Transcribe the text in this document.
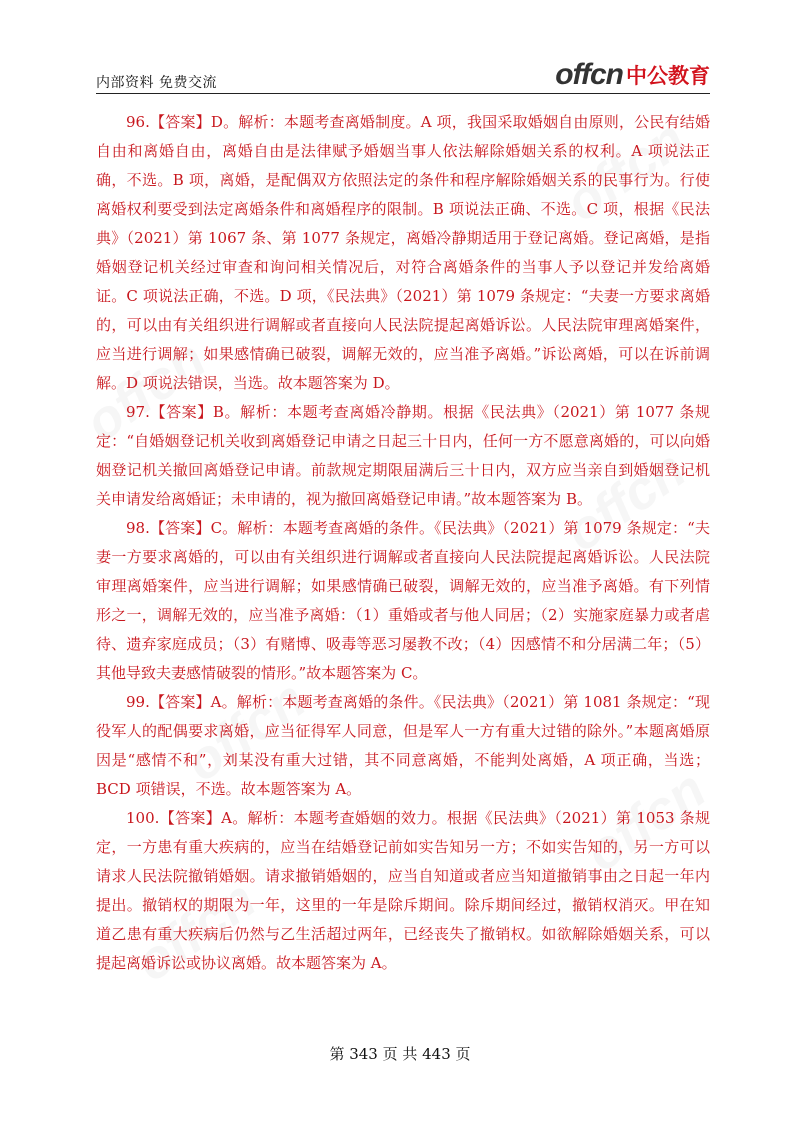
内部资料 免费交流	offcn 中公教育

96.【答案】D。解析：本题考查离婚制度。A 项，我国采取婚姻自由原则，公民有结婚自由和离婚自由，离婚自由是法律赋予婚姻当事人依法解除婚姻关系的权利。A 项说法正确，不选。B 项，离婚，是配偶双方依照法定的条件和程序解除婚姻关系的民事行为。行使离婚权利要受到法定离婚条件和离婚程序的限制。B 项说法正确、不选。C 项，根据《民法典》（2021）第 1067 条、第 1077 条规定，离婚冷静期适用于登记离婚。登记离婚，是指婚姻登记机关经过审查和询问相关情况后，对符合离婚条件的当事人予以登记并发给离婚证。C 项说法正确，不选。D 项，《民法典》（2021）第 1079 条规定：“夫妻一方要求离婚的，可以由有关组织进行调解或者直接向人民法院提起离婚诉讼。人民法院审理离婚案件，应当进行调解；如果感情确已破裂，调解无效的，应当准予离婚。”诉讼离婚，可以在诉前调解。D 项说法错误，当选。故本题答案为 D。

97.【答案】B。解析：本题考查离婚冷静期。根据《民法典》（2021）第 1077 条规定：“自婚姻登记机关收到离婚登记申请之日起三十日内，任何一方不愿意离婚的，可以向婚姻登记机关撤回离婚登记申请。前款规定期限届满后三十日内，双方应当亲自到婚姻登记机关申请发给离婚证；未申请的，视为撤回离婚登记申请。”故本题答案为 B。

98.【答案】C。解析：本题考查离婚的条件。《民法典》（2021）第 1079 条规定：“夫妻一方要求离婚的，可以由有关组织进行调解或者直接向人民法院提起离婚诉讼。人民法院审理离婚案件，应当进行调解；如果感情确已破裂，调解无效的，应当准予离婚。有下列情形之一，调解无效的，应当准予离婚：（1）重婚或者与他人同居；（2）实施家庭暴力或者虐待、遗弃家庭成员；（3）有赌博、吸毒等恶习屡教不改；（4）因感情不和分居满二年；（5）其他导致夫妻感情破裂的情形。”故本题答案为 C。

99.【答案】A。解析：本题考查离婚的条件。《民法典》（2021）第 1081 条规定：“现役军人的配偶要求离婚，应当征得军人同意，但是军人一方有重大过错的除外。”本题离婚原因是“感情不和”，刘某没有重大过错，其不同意离婚，不能判处离婚，A 项正确，当选；BCD 项错误，不选。故本题答案为 A。

100.【答案】A。解析：本题考查婚姻的效力。根据《民法典》（2021）第 1053 条规定，一方患有重大疾病的，应当在结婚登记前如实告知另一方；不如实告知的，另一方可以请求人民法院撤销婚姻。请求撤销婚姻的，应当自知道或者应当知道撤销事由之日起一年内提出。撤销权的期限为一年，这里的一年是除斥期间。除斥期间经过，撤销权消灭。甲在知道乙患有重大疾病后仍然与乙生活超过两年，已经丧失了撤销权。如欲解除婚姻关系，可以提起离婚诉讼或协议离婚。故本题答案为 A。

第 343 页 共 443 页
